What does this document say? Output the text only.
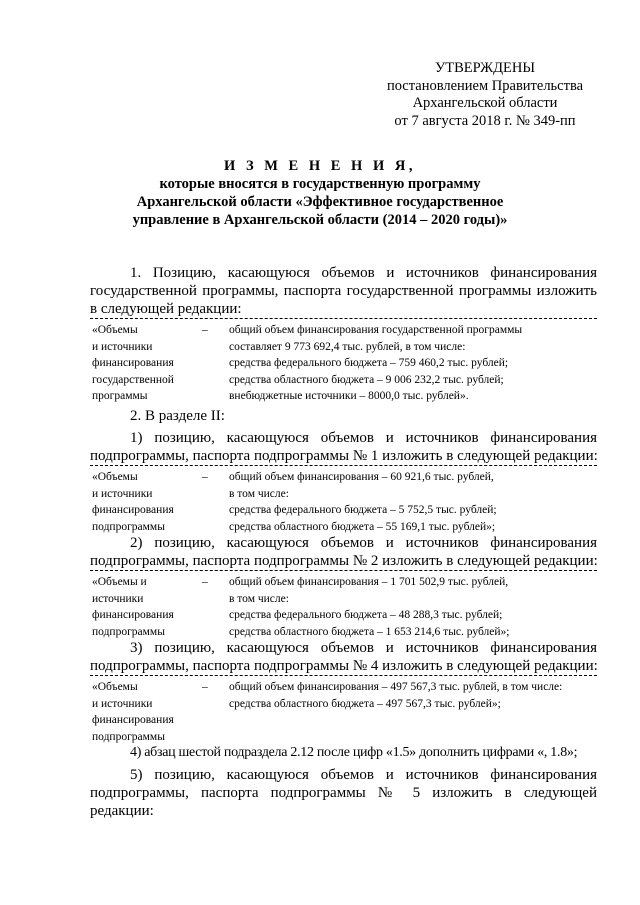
УТВЕРЖДЕНЫ
постановлением Правительства
Архангельской области
от 7 августа 2018 г. № 349-пп
И З М Е Н Е Н И Я,
которые вносятся в государственную программу
Архангельской области «Эффективное государственное
управление в Архангельской области (2014 – 2020 годы)»
1. Позицию, касающуюся объемов и источников финансирования
государственной программы, паспорта государственной программы изложить
в следующей редакции:
«Объемы
и источники
финансирования
государственной
программы
– общий объем финансирования государственной программы
составляет 9 773 692,4 тыс. рублей, в том числе:
средства федерального бюджета – 759 460,2 тыс. рублей;
средства областного бюджета – 9 006 232,2 тыс. рублей;
внебюджетные источники – 8000,0 тыс. рублей».
2. В разделе II:
1) позицию, касающуюся объемов и источников финансирования
подпрограммы, паспорта подпрограммы № 1 изложить в следующей редакции:
«Объемы
и источники
финансирования
подпрограммы
– общий объем финансирования – 60 921,6 тыс. рублей,
в том числе:
средства федерального бюджета – 5 752,5 тыс. рублей;
средства областного бюджета – 55 169,1 тыс. рублей»;
2) позицию, касающуюся объемов и источников финансирования
подпрограммы, паспорта подпрограммы № 2 изложить в следующей редакции:
«Объемы и
источники
финансирования
подпрограммы
– общий объем финансирования – 1 701 502,9 тыс. рублей,
в том числе:
средства федерального бюджета – 48 288,3 тыс. рублей;
средства областного бюджета – 1 653 214,6 тыс. рублей»;
3) позицию, касающуюся объемов и источников финансирования
подпрограммы, паспорта подпрограммы № 4 изложить в следующей редакции:
«Объемы
и источники
финансирования
подпрограммы
– общий объем финансирования – 497 567,3 тыс. рублей, в том числе:
средства областного бюджета – 497 567,3 тыс. рублей»;
4) абзац шестой подраздела 2.12 после цифр «1.5» дополнить цифрами «, 1.8»;
5) позицию, касающуюся объемов и источников финансирования
подпрограммы, паспорта подпрограммы № 5 изложить в следующей
редакции:
